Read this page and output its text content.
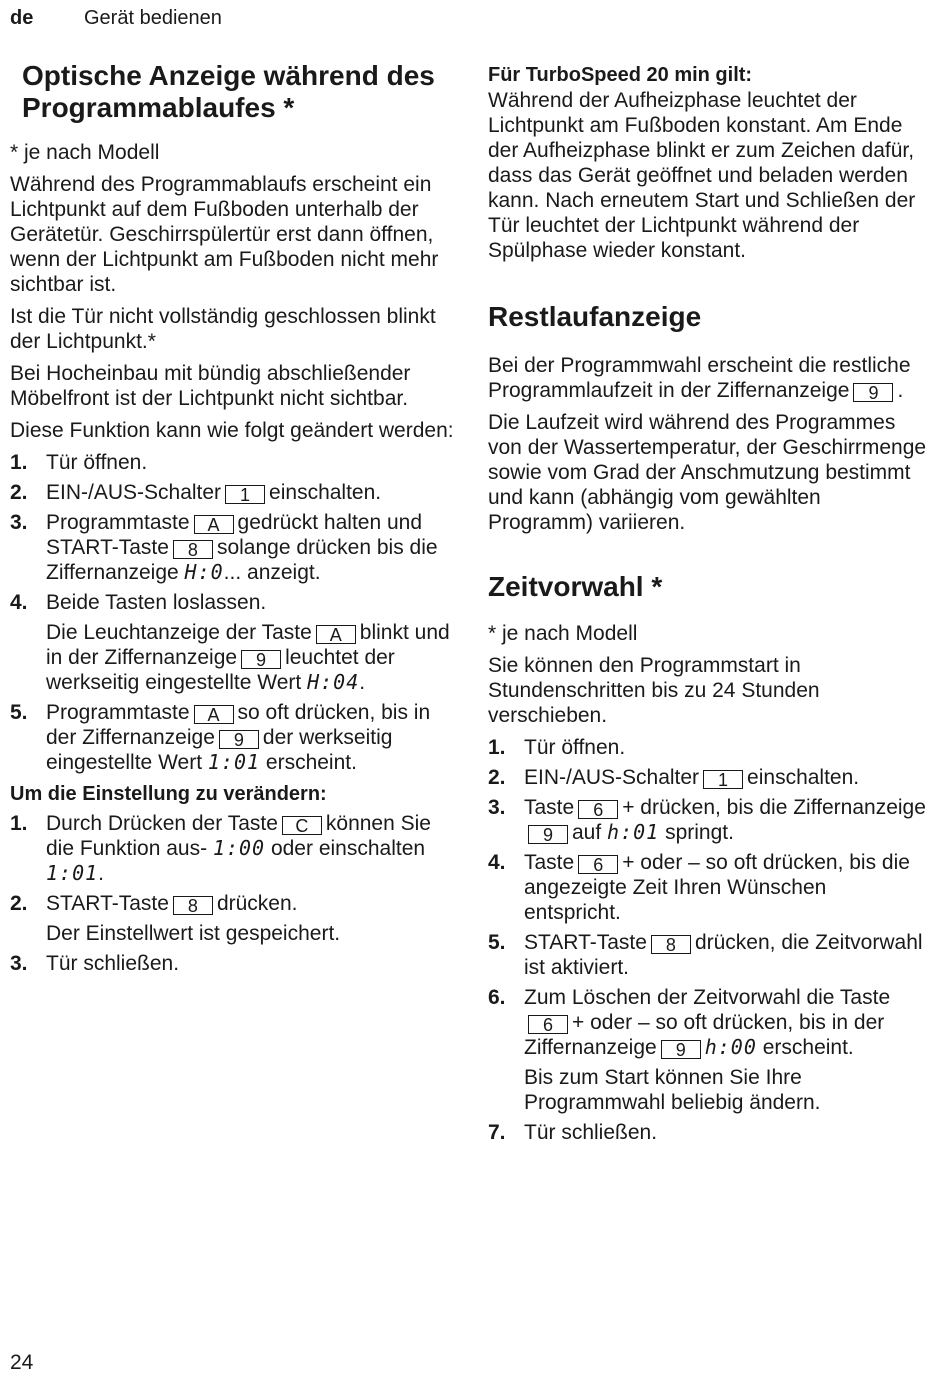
de	Gerät bedienen
Optische Anzeige während des Programmablaufes *

* je nach Modell

Während des Programmablaufs erscheint ein Lichtpunkt auf dem Fußboden unterhalb der Gerätetür. Geschirrspülertür erst dann öffnen, wenn der Lichtpunkt am Fußboden nicht mehr sichtbar ist.

Ist die Tür nicht vollständig geschlossen blinkt der Lichtpunkt.*

Bei Hocheinbau mit bündig abschließender Möbelfront ist der Lichtpunkt nicht sichtbar.

Diese Funktion kann wie folgt geändert werden:

1. Tür öffnen.
2. EIN-/AUS-Schalter 1 einschalten.
3. Programmtaste A gedrückt halten und START-Taste 8 solange drücken bis die Ziffernanzeige H:0... anzeigt.
4. Beide Tasten loslassen.
Die Leuchtanzeige der Taste A blinkt und in der Ziffernanzeige 9 leuchtet der werkseitig eingestellte Wert H:04.
5. Programmtaste A so oft drücken, bis in der Ziffernanzeige 9 der werkseitig eingestellte Wert 1:01 erscheint.
Um die Einstellung zu verändern:
1. Durch Drücken der Taste C können Sie die Funktion aus- 1:00 oder einschalten 1:01.
2. START-Taste 8 drücken.
Der Einstellwert ist gespeichert.
3. Tür schließen.
Für TurboSpeed 20 min gilt:

Während der Aufheizphase leuchtet der Lichtpunkt am Fußboden konstant. Am Ende der Aufheizphase blinkt er zum Zeichen dafür, dass das Gerät geöffnet und beladen werden kann. Nach erneutem Start und Schließen der Tür leuchtet der Lichtpunkt während der Spülphase wieder konstant.

Restlaufanzeige

Bei der Programmwahl erscheint die restliche Programmlaufzeit in der Ziffernanzeige 9 .

Die Laufzeit wird während des Programmes von der Wassertemperatur, der Geschirrmenge sowie vom Grad der Anschmutzung bestimmt und kann (abhängig vom gewählten Programm) variieren.

Zeitvorwahl *

* je nach Modell

Sie können den Programmstart in Stundenschritten bis zu 24 Stunden verschieben.

1. Tür öffnen.
2. EIN-/AUS-Schalter 1 einschalten.
3. Taste 6 + drücken, bis die Ziffernanzeige9 auf h:01 springt.
4. Taste 6 + oder – so oft drücken, bis die angezeigte Zeit Ihren Wünschen entspricht.
5. START-Taste 8 drücken, die Zeitvorwahl ist aktiviert.
6. Zum Löschen der Zeitvorwahl die Taste6 + oder – so oft drücken, bis in der Ziffernanzeige 9 h:00 erscheint.
Bis zum Start können Sie Ihre Programmwahl beliebig ändern.
7. Tür schließen.
24
